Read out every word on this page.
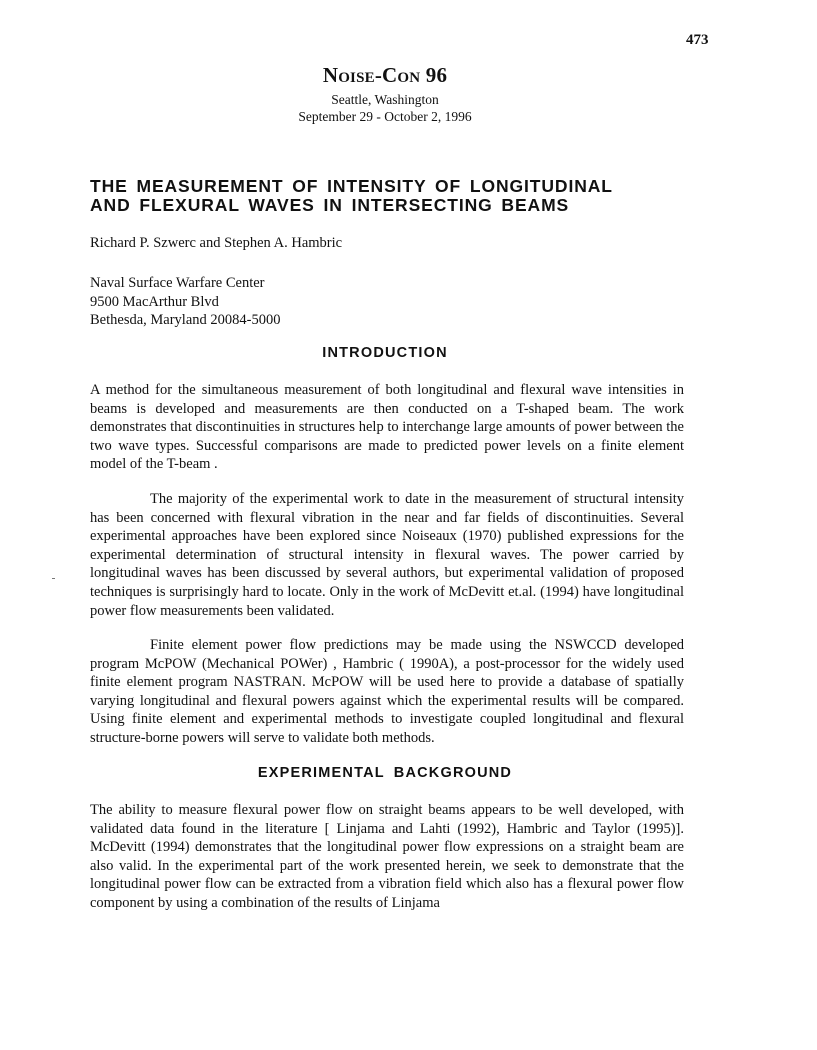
473
Noise-Con 96
Seattle, Washington
September 29 - October 2, 1996
THE MEASUREMENT OF INTENSITY OF LONGITUDINAL
AND FLEXURAL WAVES IN INTERSECTING BEAMS
Richard P. Szwerc and Stephen A. Hambric
Naval Surface Warfare Center
9500 MacArthur Blvd
Bethesda, Maryland 20084-5000
INTRODUCTION

A method for the simultaneous measurement of both longitudinal and flexural wave intensities in beams is developed and measurements are then conducted on a T-shaped beam. The work demonstrates that discontinuities in structures help to interchange large amounts of power between the two wave types. Successful comparisons are made to predicted power levels on a finite element model of the T-beam .

The majority of the experimental work to date in the measurement of structural intensity has been concerned with flexural vibration in the near and far fields of discontinuities. Several experimental approaches have been explored since Noiseaux (1970) published expressions for the experimental determination of structural intensity in flexural waves. The power carried by longitudinal waves has been discussed by several authors, but experimental validation of proposed techniques is surprisingly hard to locate. Only in the work of McDevitt et.al. (1994) have longitudinal power flow measurements been validated.

Finite element power flow predictions may be made using the NSWCCD developed program McPOW (Mechanical POWer) , Hambric ( 1990A), a post-processor for the widely used finite element program NASTRAN. McPOW will be used here to provide a database of spatially varying longitudinal and flexural powers against which the experimental results will be compared. Using finite element and experimental methods to investigate coupled longitudinal and flexural structure-borne powers will serve to validate both methods.

EXPERIMENTAL BACKGROUND

The ability to measure flexural power flow on straight beams appears to be well developed, with validated data found in the literature [ Linjama and Lahti (1992), Hambric and Taylor (1995)]. McDevitt (1994) demonstrates that the longitudinal power flow expressions on a straight beam are also valid. In the experimental part of the work presented herein, we seek to demonstrate that the longitudinal power flow can be extracted from a vibration field which also has a flexural power flow component by using a combination of the results of Linjama
